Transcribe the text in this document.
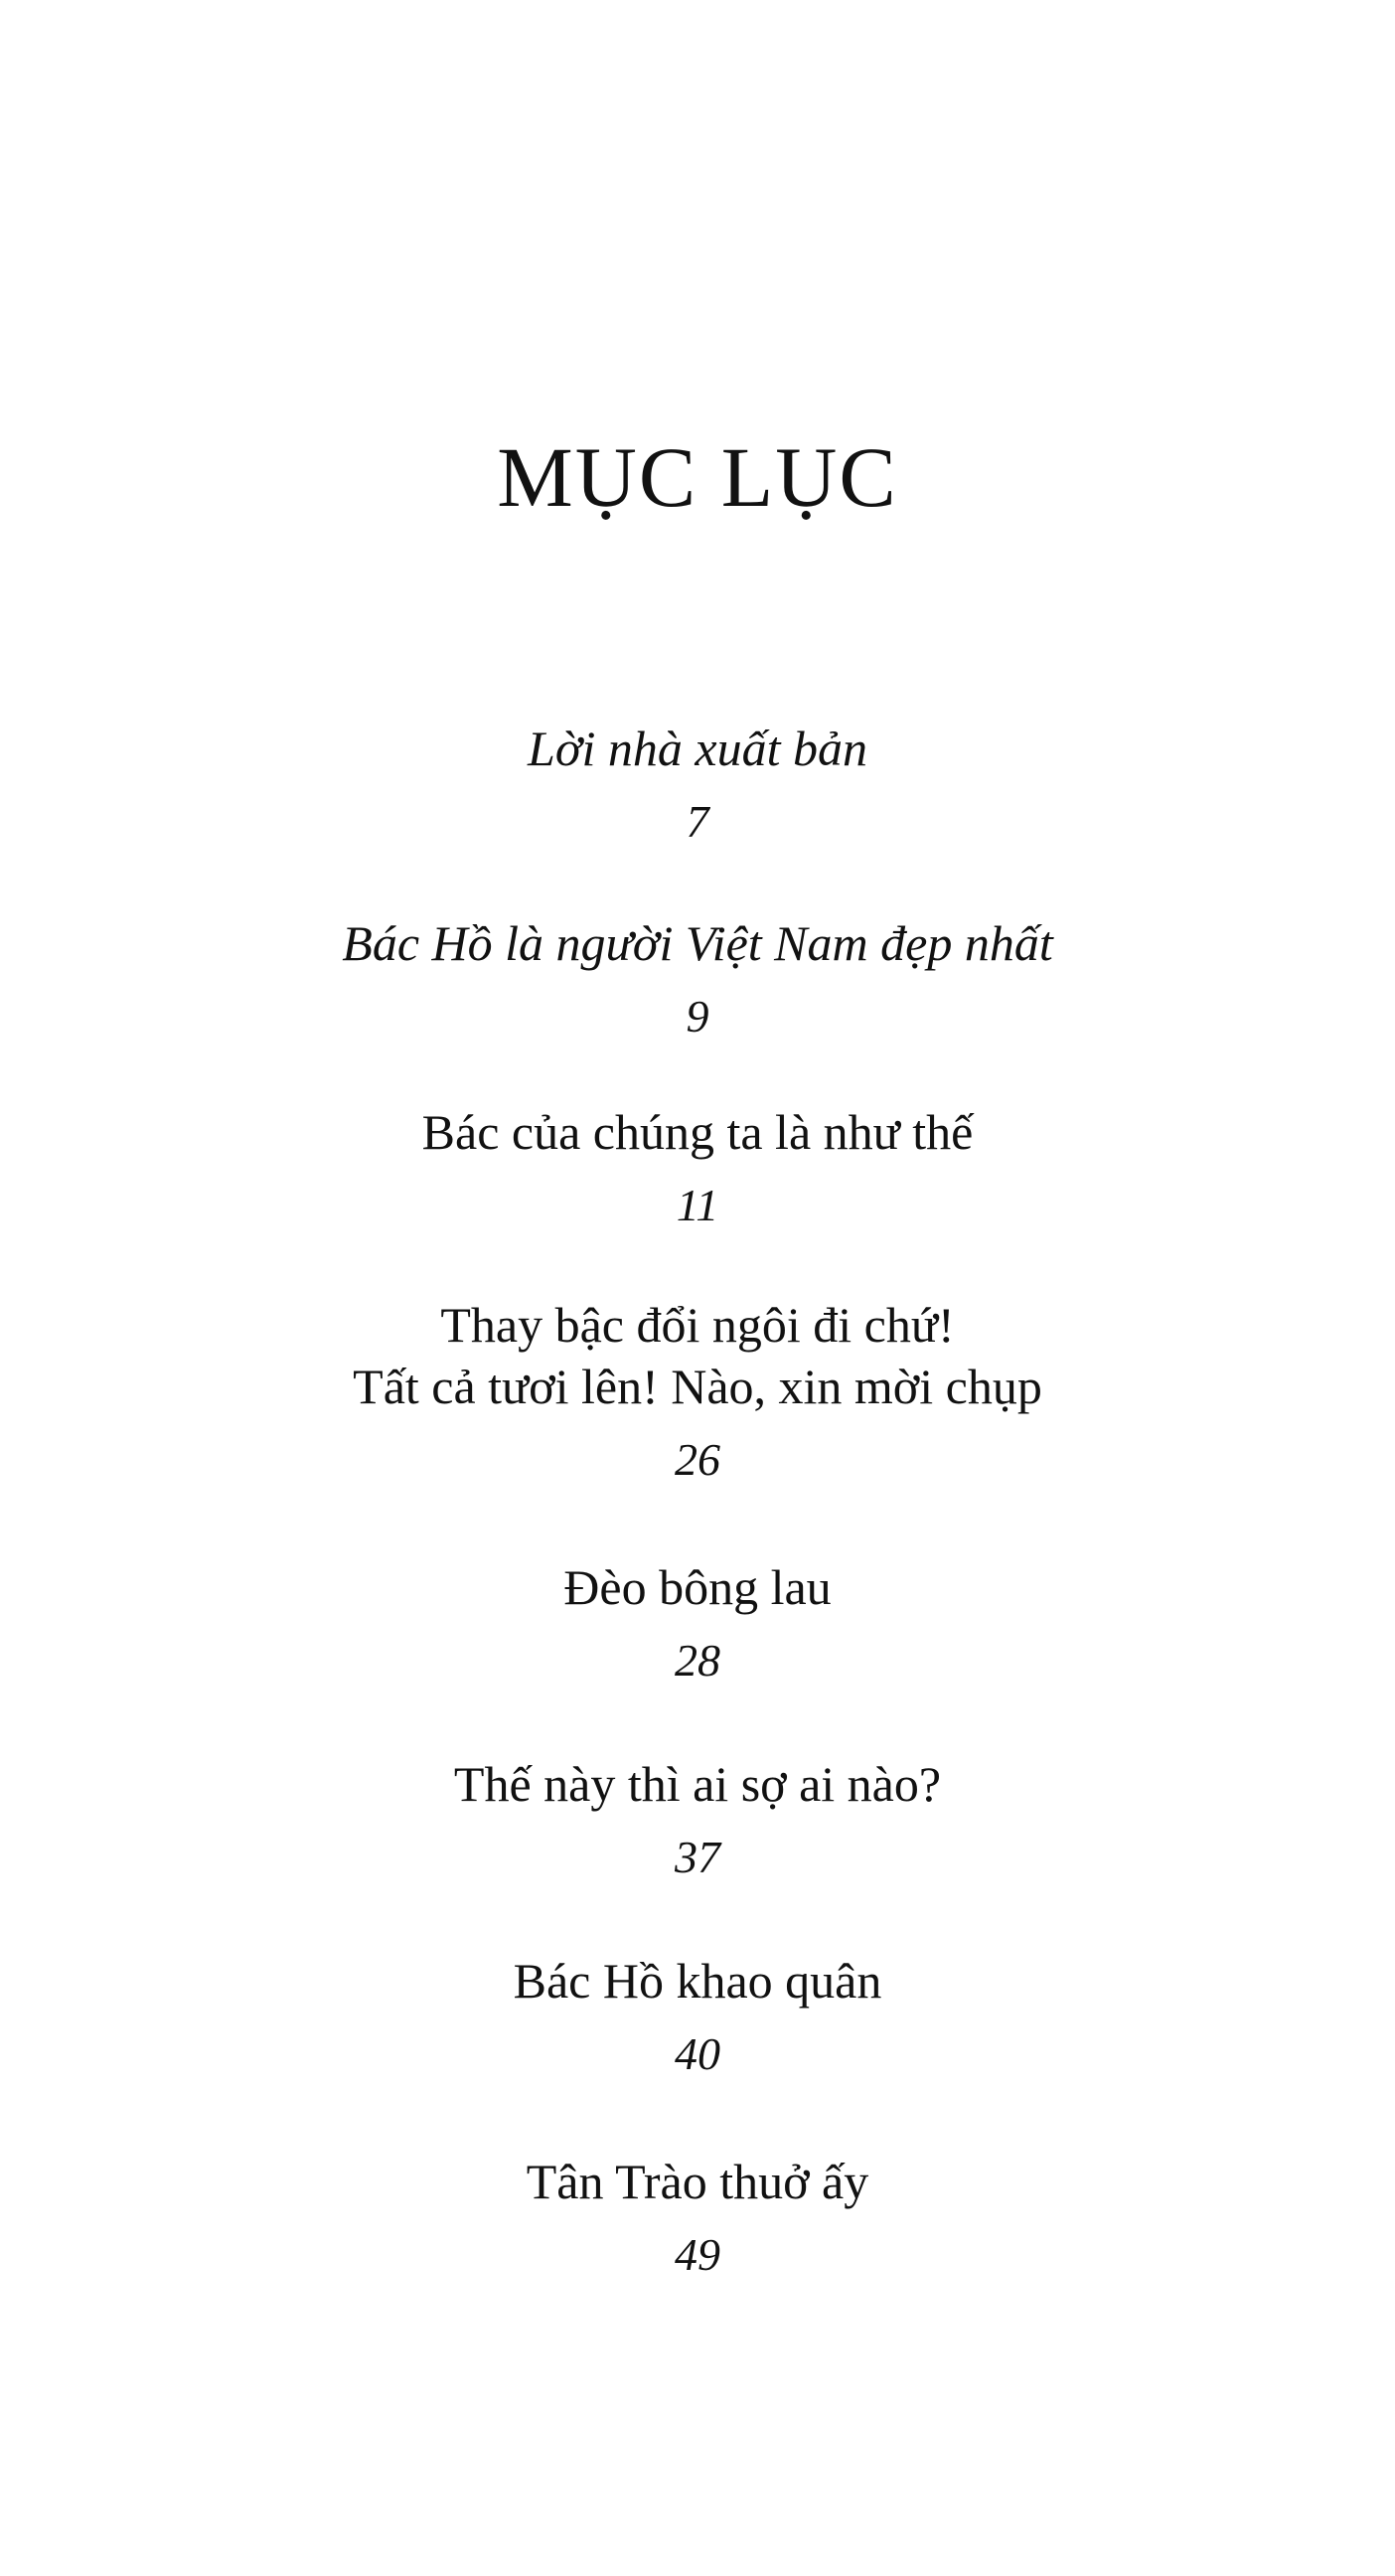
MỤC LỤC
Lời nhà xuất bản
7
Bác Hồ là người Việt Nam đẹp nhất
9
Bác của chúng ta là như thế
11
Thay bậc đổi ngôi đi chứ!
Tất cả tươi lên! Nào, xin mời chụp
26
Đèo bông lau
28
Thế này thì ai sợ ai nào?
37
Bác Hồ khao quân
40
Tân Trào thuở ấy
49
